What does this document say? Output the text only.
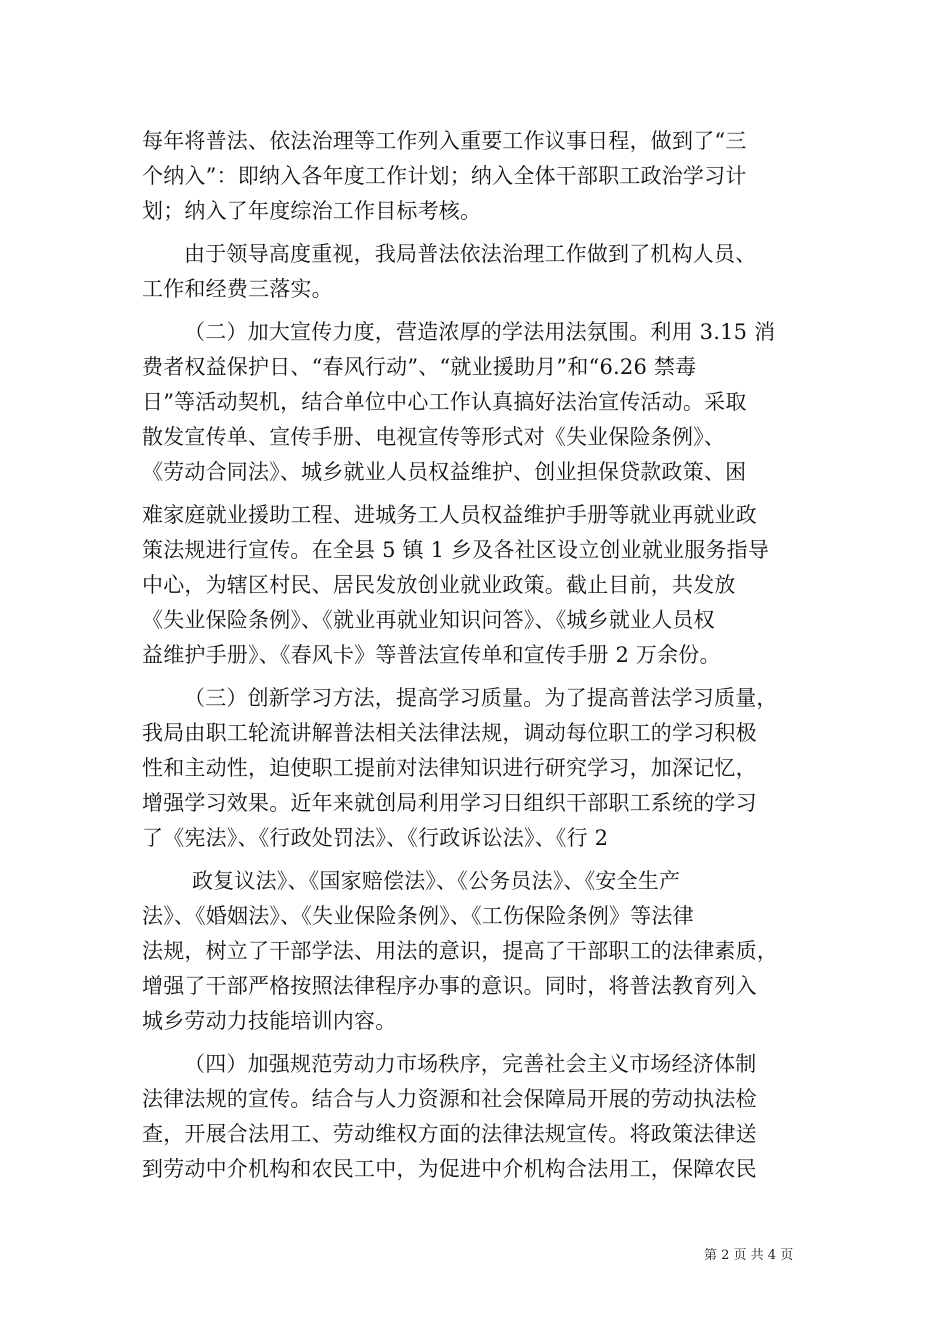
每年将普法、依法治理等工作列入重要工作议事日程，做到了“三
个纳入”：即纳入各年度工作计划；纳入全体干部职工政治学习计
划；纳入了年度综治工作目标考核。
由于领导高度重视，我局普法依法治理工作做到了机构人员、
工作和经费三落实。
（二）加大宣传力度，营造浓厚的学法用法氛围。利用 3.15 消
费者权益保护日、“春风行动”、“就业援助月”和“6.26 禁毒
日”等活动契机，结合单位中心工作认真搞好法治宣传活动。采取
散发宣传单、宣传手册、电视宣传等形式对《失业保险条例》、
《劳动合同法》、城乡就业人员权益维护、创业担保贷款政策、困
难家庭就业援助工程、进城务工人员权益维护手册等就业再就业政
策法规进行宣传。在全县 5 镇 1 乡及各社区设立创业就业服务指导
中心，为辖区村民、居民发放创业就业政策。截止目前，共发放
《失业保险条例》、《就业再就业知识问答》、《城乡就业人员权
益维护手册》、《春风卡》等普法宣传单和宣传手册 2 万余份。
（三）创新学习方法，提高学习质量。为了提高普法学习质量，
我局由职工轮流讲解普法相关法律法规，调动每位职工的学习积极
性和主动性，迫使职工提前对法律知识进行研究学习，加深记忆，
增强学习效果。近年来就创局利用学习日组织干部职工系统的学习
了《宪法》、《行政处罚法》、《行政诉讼法》、《行 2
政复议法》、《国家赔偿法》、《公务员法》、《安全生产
法》、《婚姻法》、《失业保险条例》、《工伤保险条例》等法律
法规，树立了干部学法、用法的意识，提高了干部职工的法律素质，
增强了干部严格按照法律程序办事的意识。同时，将普法教育列入
城乡劳动力技能培训内容。
（四）加强规范劳动力市场秩序，完善社会主义市场经济体制
法律法规的宣传。结合与人力资源和社会保障局开展的劳动执法检
查，开展合法用工、劳动维权方面的法律法规宣传。将政策法律送
到劳动中介机构和农民工中，为促进中介机构合法用工，保障农民
第 2 页 共 4 页
